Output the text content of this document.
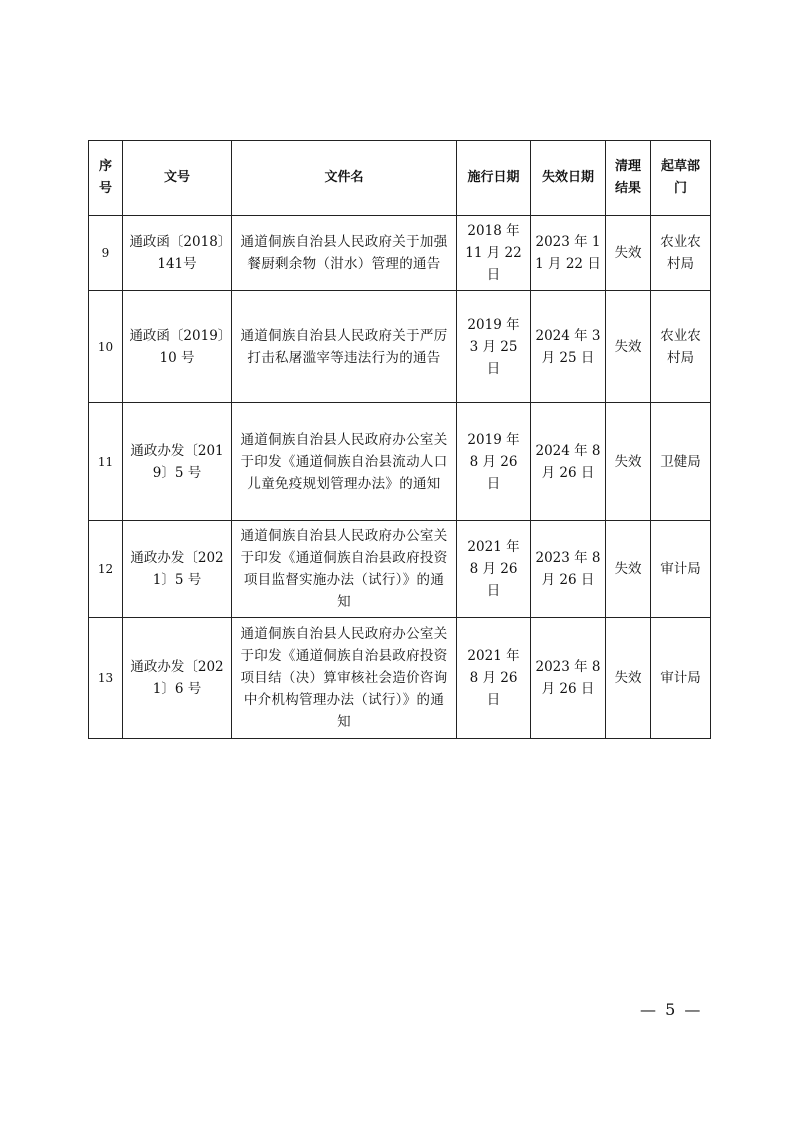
序号	文号	文件名	施行日期	失效日期	清理结果	起草部门
9	通政函〔2018〕141号	通道侗族自治县人民政府关于加强餐厨剩余物（泔水）管理的通告	2018 年 11 月 22 日	2023 年 11 月 22 日	失效	农业农村局
10	通政函〔2019〕10 号	通道侗族自治县人民政府关于严厉打击私屠滥宰等违法行为的通告	2019 年 3 月 25 日	2024 年 3 月 25 日	失效	农业农村局
11	通政办发〔2019〕5 号	通道侗族自治县人民政府办公室关于印发《通道侗族自治县流动人口儿童免疫规划管理办法》的通知	2019 年 8 月 26 日	2024 年 8 月 26 日	失效	卫健局
12	通政办发〔2021〕5 号	通道侗族自治县人民政府办公室关于印发《通道侗族自治县政府投资项目监督实施办法（试行）》的通知	2021 年 8 月 26 日	2023 年 8 月 26 日	失效	审计局
13	通政办发〔2021〕6 号	通道侗族自治县人民政府办公室关于印发《通道侗族自治县政府投资项目结（决）算审核社会造价咨询中介机构管理办法（试行）》的通知	2021 年 8 月 26 日	2023 年 8 月 26 日	失效	审计局
— 5 —
